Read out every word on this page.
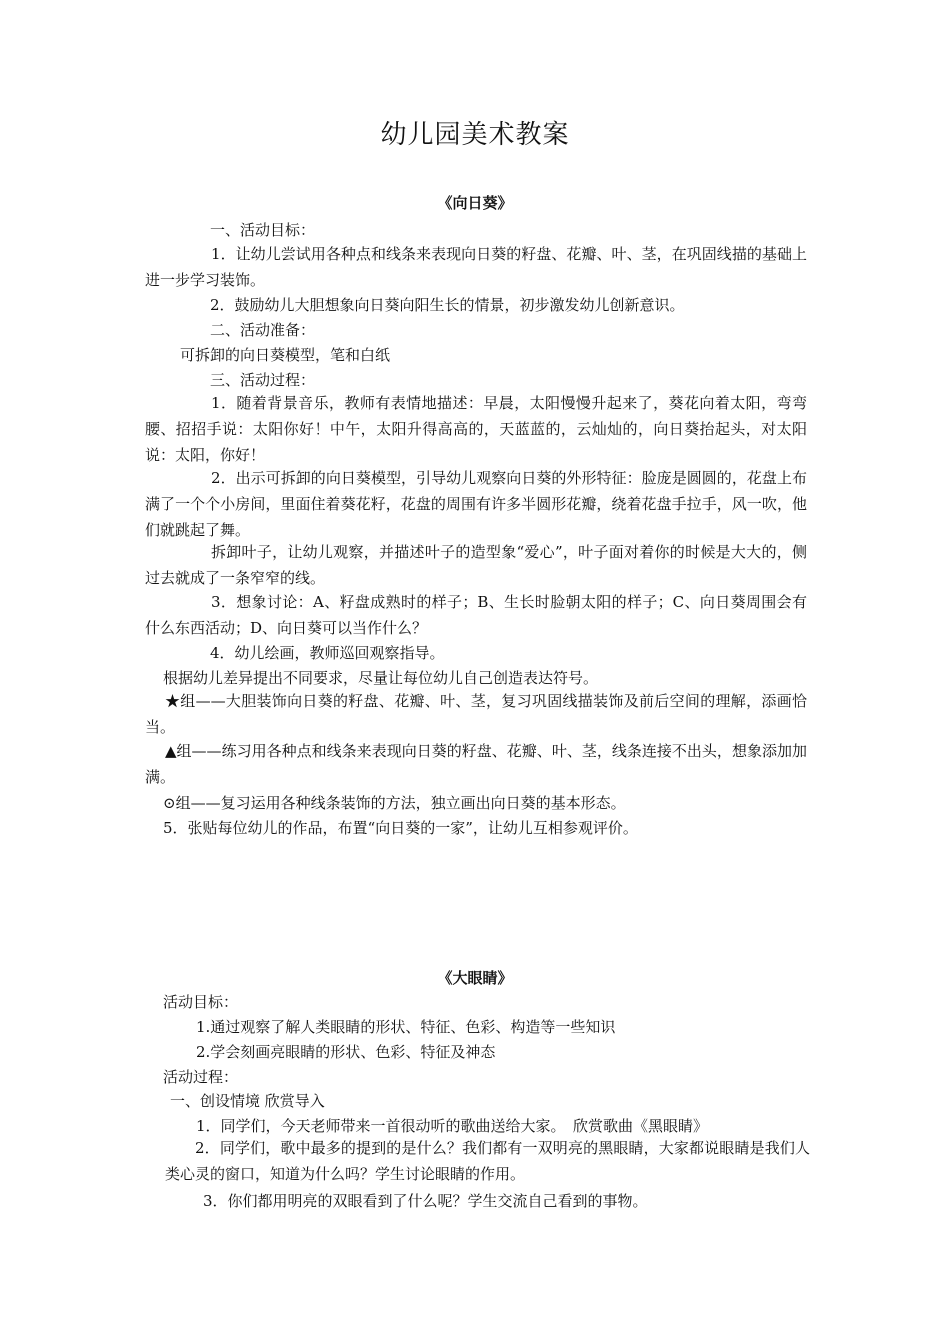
幼儿园美术教案
《向日葵》

一、活动目标：

1．让幼儿尝试用各种点和线条来表现向日葵的籽盘、花瓣、叶、茎，在巩固线描的基础上进一步学习装饰。

2．鼓励幼儿大胆想象向日葵向阳生长的情景，初步激发幼儿创新意识。

二、活动准备：

可拆卸的向日葵模型，笔和白纸

三、活动过程：

1．随着背景音乐，教师有表情地描述：早晨，太阳慢慢升起来了，葵花向着太阳，弯弯腰、招招手说：太阳你好！中午，太阳升得高高的，天蓝蓝的，云灿灿的，向日葵抬起头，对太阳说：太阳，你好！

2．出示可拆卸的向日葵模型，引导幼儿观察向日葵的外形特征：脸庞是圆圆的，花盘上布满了一个个小房间，里面住着葵花籽，花盘的周围有许多半圆形花瓣，绕着花盘手拉手，风一吹，他们就跳起了舞。

拆卸叶子，让幼儿观察，并描述叶子的造型象“爱心”，叶子面对着你的时候是大大的，侧过去就成了一条窄窄的线。

3．想象讨论：A、籽盘成熟时的样子；B、生长时脸朝太阳的样子；C、向日葵周围会有什么东西活动；D、向日葵可以当作什么？

4．幼儿绘画，教师巡回观察指导。

根据幼儿差异提出不同要求，尽量让每位幼儿自己创造表达符号。

★组——大胆装饰向日葵的籽盘、花瓣、叶、茎，复习巩固线描装饰及前后空间的理解，添画恰当。

▲组——练习用各种点和线条来表现向日葵的籽盘、花瓣、叶、茎，线条连接不出头，想象添加加满。

⊙组——复习运用各种线条装饰的方法，独立画出向日葵的基本形态。

5．张贴每位幼儿的作品，布置“向日葵的一家”，让幼儿互相参观评价。

《大眼睛》

活动目标：

1.通过观察了解人类眼睛的形状、特征、色彩、构造等一些知识

2.学会刻画亮眼睛的形状、色彩、特征及神态

活动过程：

一、创设情境 欣赏导入

1．同学们，今天老师带来一首很动听的歌曲送给大家。　欣赏歌曲《黑眼睛》

2．同学们，歌中最多的提到的是什么？我们都有一双明亮的黑眼睛，大家都说眼睛是我们人类心灵的窗口，知道为什么吗？学生讨论眼睛的作用。

3．你们都用明亮的双眼看到了什么呢？学生交流自己看到的事物。
